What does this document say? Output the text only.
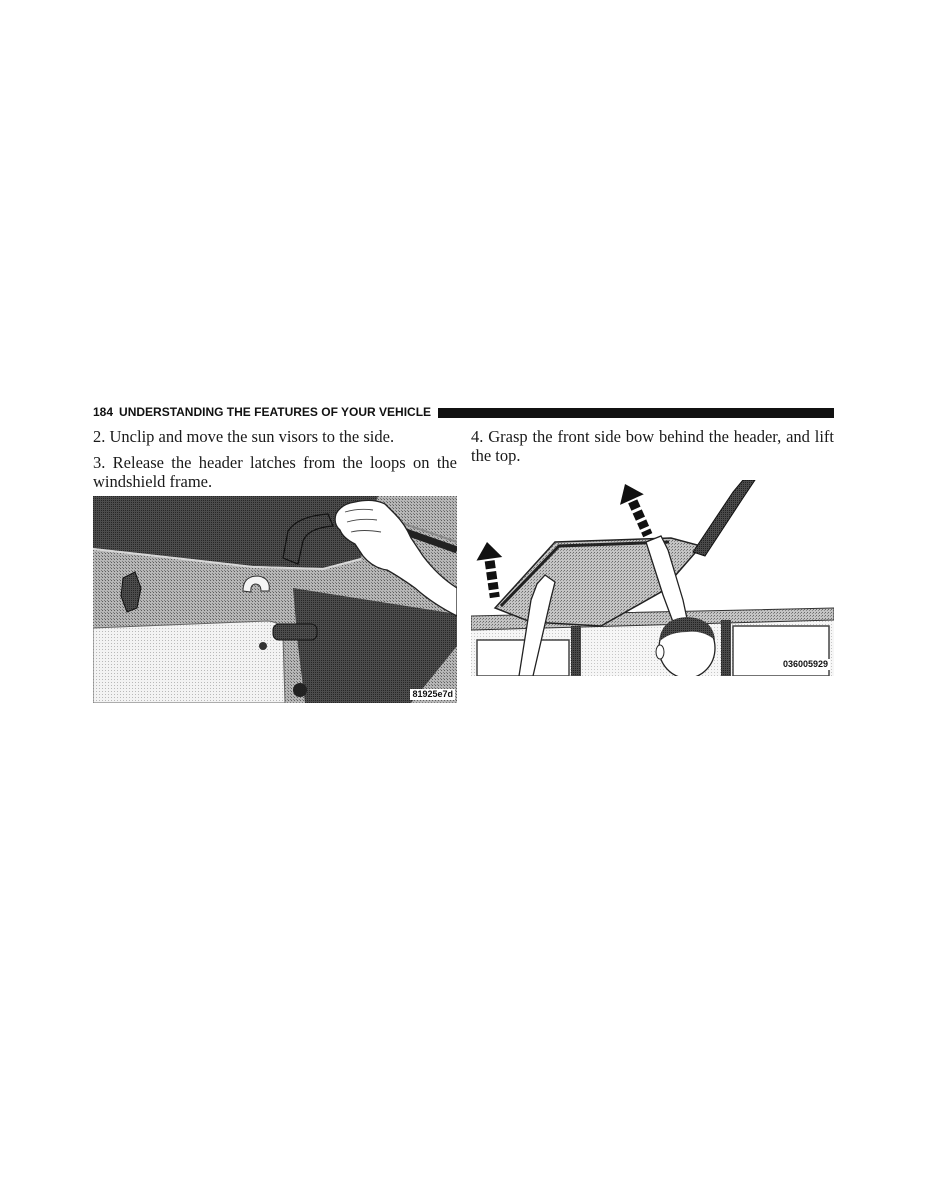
184 UNDERSTANDING THE FEATURES OF YOUR VEHICLE

2. Unclip and move the sun visors to the side.

3. Release the header latches from the loops on the windshield frame.

81925e7d

4. Grasp the front side bow behind the header, and lift the top.

036005929
